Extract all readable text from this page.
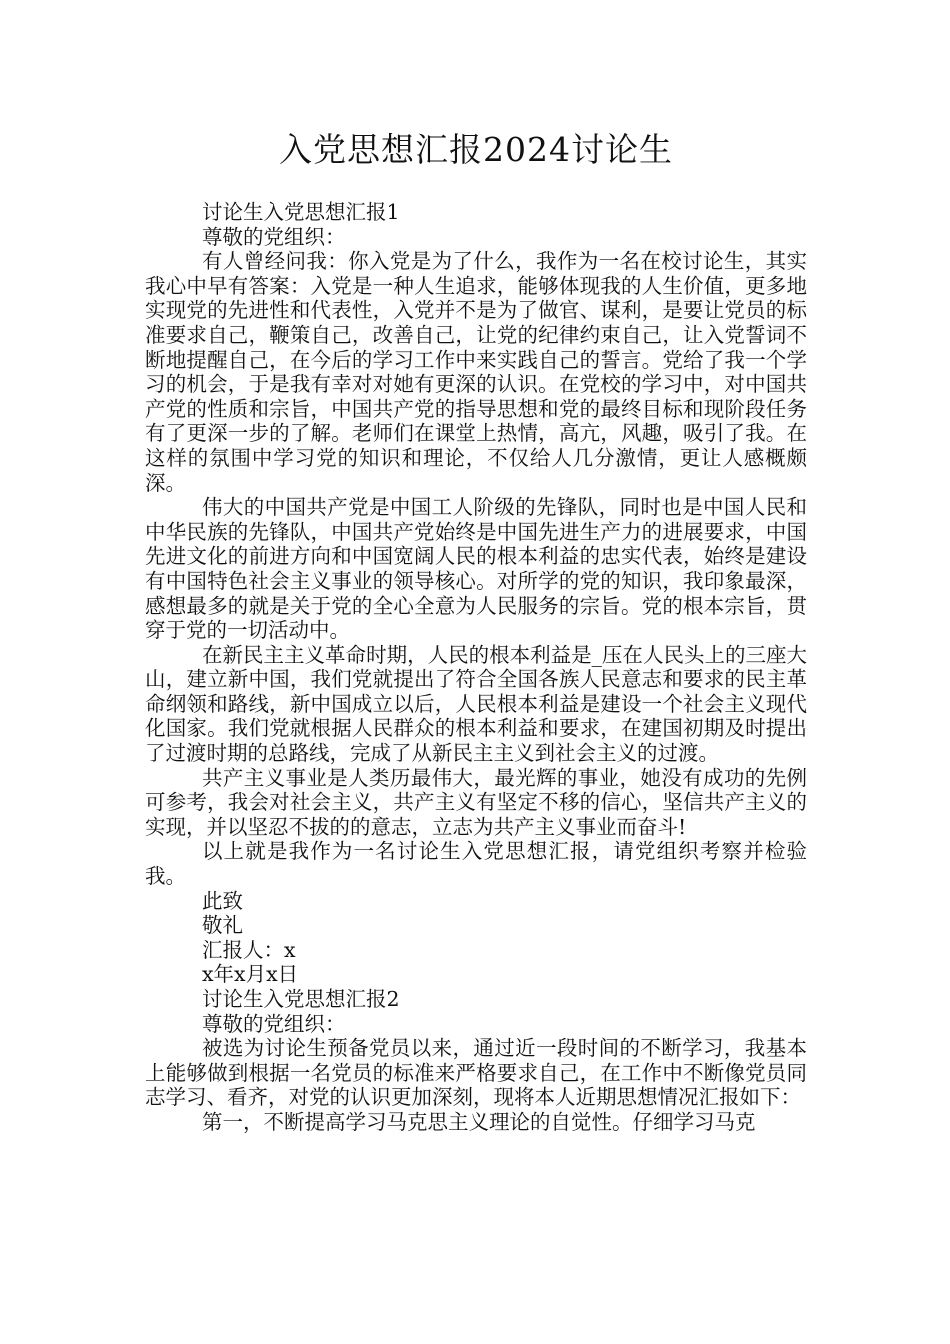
入党思想汇报2024讨论生

讨论生入党思想汇报1

尊敬的党组织：

有人曾经问我：你入党是为了什么，我作为一名在校讨论生，其实我心中早有答案：入党是一种人生追求，能够体现我的人生价值，更多地实现党的先进性和代表性，入党并不是为了做官、谋利，是要让党员的标准要求自己，鞭策自己，改善自己，让党的纪律约束自己，让入党誓词不断地提醒自己，在今后的学习工作中来实践自己的誓言。党给了我一个学习的机会，于是我有幸对对她有更深的认识。在党校的学习中，对中国共产党的性质和宗旨，中国共产党的指导思想和党的最终目标和现阶段任务有了更深一步的了解。老师们在课堂上热情，高亢，风趣，吸引了我。在这样的氛围中学习党的知识和理论，不仅给人几分激情，更让人感概颇深。

伟大的中国共产党是中国工人阶级的先锋队，同时也是中国人民和中华民族的先锋队，中国共产党始终是中国先进生产力的进展要求，中国先进文化的前进方向和中国宽阔人民的根本利益的忠实代表，始终是建设有中国特色社会主义事业的领导核心。对所学的党的知识，我印象最深，感想最多的就是关于党的全心全意为人民服务的宗旨。党的根本宗旨，贯穿于党的一切活动中。

在新民主主义革命时期，人民的根本利益是_压在人民头上的三座大山，建立新中国，我们党就提出了符合全国各族人民意志和要求的民主革命纲领和路线，新中国成立以后，人民根本利益是建设一个社会主义现代化国家。我们党就根据人民群众的根本利益和要求，在建国初期及时提出了过渡时期的总路线，完成了从新民主主义到社会主义的过渡。

共产主义事业是人类历最伟大，最光辉的事业，她没有成功的先例可参考，我会对社会主义，共产主义有坚定不移的信心，坚信共产主义的实现，并以坚忍不拔的的意志，立志为共产主义事业而奋斗!

以上就是我作为一名讨论生入党思想汇报，请党组织考察并检验我。

此致

敬礼

汇报人：x

x年x月x日

讨论生入党思想汇报2

尊敬的党组织：

被选为讨论生预备党员以来，通过近一段时间的不断学习，我基本上能够做到根据一名党员的标准来严格要求自己，在工作中不断像党员同志学习、看齐，对党的认识更加深刻，现将本人近期思想情况汇报如下：

第一，不断提高学习马克思主义理论的自觉性。仔细学习马克
